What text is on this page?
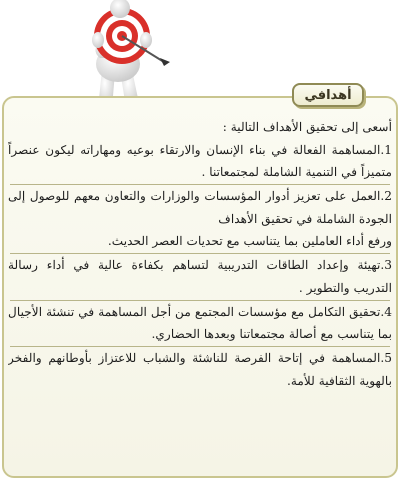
أهدافي
أسعى إلى تحقيق الأهداف التالية :
1.المساهمة الفعالة في بناء الإنسان والارتقاء بوعيه ومهاراته ليكون عنصراً
متميزاً في التنمية الشاملة لمجتمعاتنا .
2.العمل على تعزيز أدوار المؤسسات والوزارات والتعاون معهم للوصول إلى
الجودة الشاملة في تحقيق الأهداف
ورفع أداء العاملين بما يتناسب مع تحديات العصر الحديث.
3.تهيئة وإعداد الطاقات التدريبية لتساهم بكفاءة عالية في أداء رسالة
التدريب والتطوير .
4.تحقيق التكامل مع مؤسسات المجتمع من أجل المساهمة في تنشئة الأجيال
بما يتناسب مع أصالة مجتمعاتنا وبعدها الحضاري.
5.المساهمة في إتاحة الفرصة للناشئة والشباب للاعتزاز بأوطانهم والفخر
بالهوية الثقافية للأمة.
